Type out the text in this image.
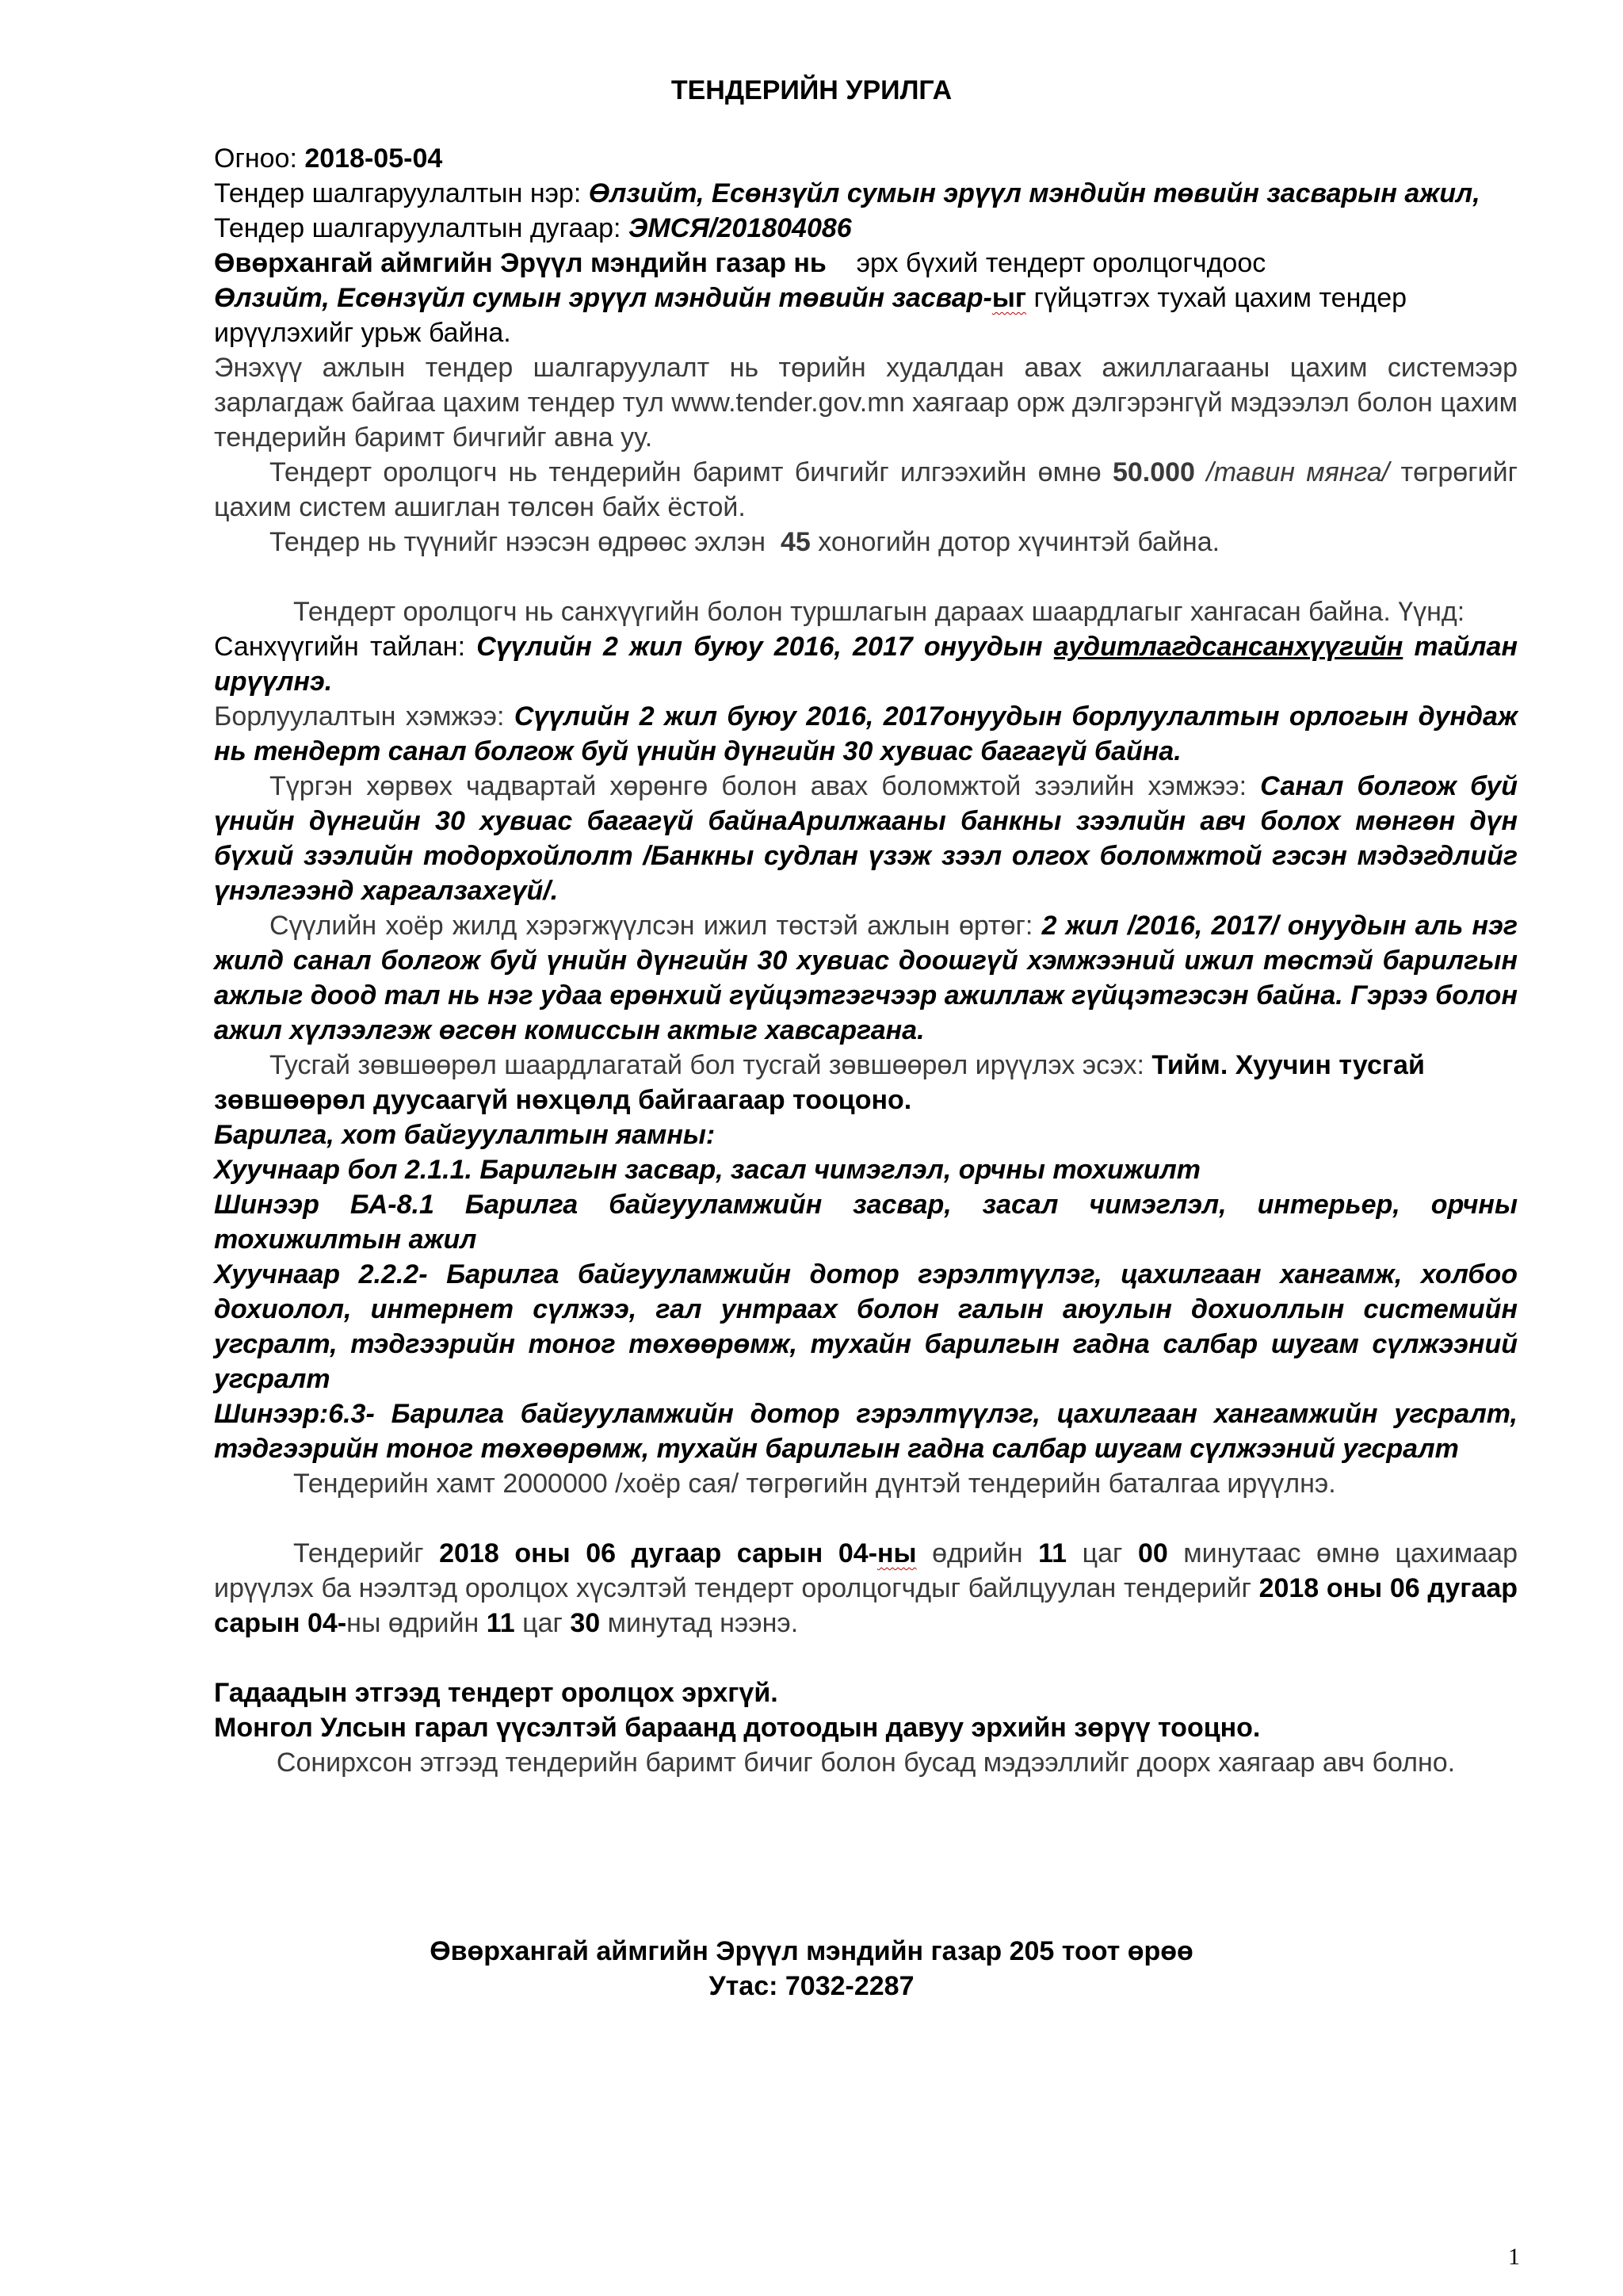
ТЕНДЕРИЙН УРИЛГА

Огноо: 2018-05-04

Тендер шалгаруулалтын нэр: Өлзийт, Есөнзүйл сумын эрүүл мэндийн төвийн засварын ажил,

Тендер шалгаруулалтын дугаар: ЭМСЯ/201804086

Өвөрхангай аймгийн Эрүүл мэндийн газар нь    эрх бүхий тендерт оролцогчдоос
Өлзийт, Есөнзүйл сумын эрүүл мэндийн төвийн засвар-ыг гүйцэтгэх тухай цахим тендер ирүүлэхийг урьж байна.

Энэхүү ажлын тендер шалгаруулалт нь төрийн худалдан авах ажиллагааны цахим системээр зарлагдаж байгаа цахим тендер тул www.tender.gov.mn хаягаар орж дэлгэрэнгүй мэдээлэл болон цахим тендерийн баримт бичгийг авна уу.

Тендерт оролцогч нь тендерийн баримт бичгийг илгээхийн өмнө 50.000 /тавин мянга/ төгрөгийг цахим систем ашиглан төлсөн байх ёстой.

Тендер нь түүнийг нээсэн өдрөөс эхлэн  45 хоногийн дотор хүчинтэй байна.

Тендерт оролцогч нь санхүүгийн болон туршлагын дараах шаардлагыг хангасан байна. Үүнд:

Санхүүгийн тайлан: Сүүлийн 2 жил буюу 2016, 2017 онуудын аудитлагдсансанхүүгийн тайлан ирүүлнэ.

Борлуулалтын хэмжээ: Сүүлийн 2 жил буюу 2016, 2017онуудын борлуулалтын орлогын дундаж нь тендерт санал болгож буй үнийн дүнгийн 30 хувиас багагүй байна.

Түргэн хөрвөх чадвартай хөрөнгө болон авах боломжтой зээлийн хэмжээ: Санал болгож буй үнийн дүнгийн 30 хувиас багагүй байнаАрилжааны банкны зээлийн авч болох мөнгөн дүн бүхий зээлийн тодорхойлолт /Банкны судлан үзэж зээл олгох боломжтой гэсэн мэдэгдлийг үнэлгээнд харгалзахгүй/.

Сүүлийн хоёр жилд хэрэгжүүлсэн ижил төстэй ажлын өртөг: 2 жил /2016, 2017/ онуудын аль нэг жилд санал болгож буй үнийн дүнгийн 30 хувиас доошгүй хэмжээний ижил төстэй барилгын ажлыг доод тал нь нэг удаа ерөнхий гүйцэтгэгчээр ажиллаж гүйцэтгэсэн байна. Гэрээ болон ажил хүлээлгэж өгсөн комиссын актыг хавсаргана.

Тусгай зөвшөөрөл шаардлагатай бол тусгай зөвшөөрөл ирүүлэх эсэх: Тийм. Хуучин тусгай зөвшөөрөл дуусаагүй нөхцөлд байгаагаар тооцоно.

Барилга, хот байгуулалтын яамны:

Хуучнаар бол 2.1.1. Барилгын засвар, засал чимэглэл, орчны тохижилт

Шинээр БА-8.1 Барилга байгууламжийн засвар, засал чимэглэл, интерьер, орчны тохижилтын ажил

Хуучнаар 2.2.2- Барилга байгууламжийн дотор гэрэлтүүлэг, цахилгаан хангамж, холбоо дохиолол, интернет сүлжээ, гал унтраах болон галын аюулын дохиоллын системийн угсралт, тэдгээрийн тоног төхөөрөмж, тухайн барилгын гадна салбар шугам сүлжээний угсралт

Шинээр:6.3- Барилга байгууламжийн дотор гэрэлтүүлэг, цахилгаан хангамжийн угсралт, тэдгээрийн тоног төхөөрөмж, тухайн барилгын гадна салбар шугам сүлжээний угсралт

Тендерийн хамт 2000000 /хоёр сая/ төгрөгийн дүнтэй тендерийн баталгаа ирүүлнэ.

Тендерийг 2018 оны 06 дугаар сарын 04-ны өдрийн 11 цаг 00 минутаас өмнө цахимаар ирүүлэх ба нээлтэд оролцох хүсэлтэй тендерт оролцогчдыг байлцуулан тендерийг 2018 оны 06 дугаар сарын 04-ны өдрийн 11 цаг 30 минутад нээнэ.

Гадаадын этгээд тендерт оролцох эрхгүй.

Монгол Улсын гарал үүсэлтэй бараанд дотоодын давуу эрхийн зөрүү тооцно.

Сонирхсон этгээд тендерийн баримт бичиг болон бусад мэдээллийг доорх хаягаар авч болно.

Өвөрхангай аймгийн Эрүүл мэндийн газар 205 тоот өрөө
Утас: 7032-2287
1
